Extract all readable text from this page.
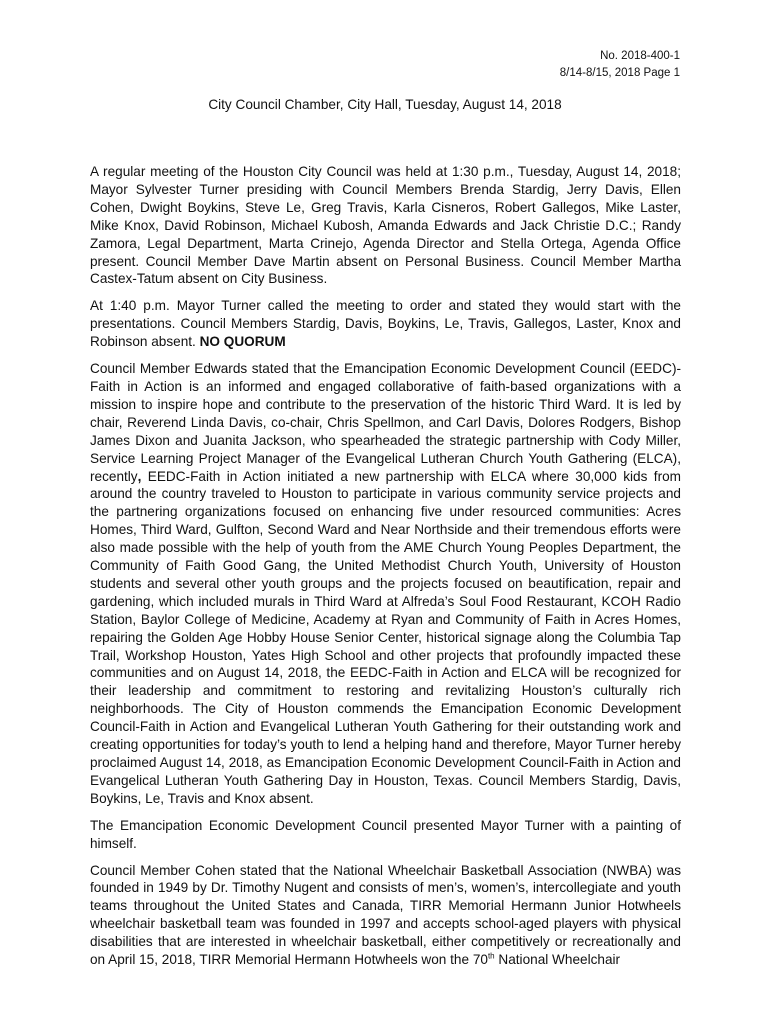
No. 2018-400-1
8/14-8/15, 2018 Page 1
City Council Chamber, City Hall, Tuesday, August 14, 2018

A regular meeting of the Houston City Council was held at 1:30 p.m., Tuesday, August 14, 2018; Mayor Sylvester Turner presiding with Council Members Brenda Stardig, Jerry Davis, Ellen Cohen, Dwight Boykins, Steve Le, Greg Travis, Karla Cisneros, Robert Gallegos, Mike Laster, Mike Knox, David Robinson, Michael Kubosh, Amanda Edwards and Jack Christie D.C.; Randy Zamora, Legal Department, Marta Crinejo, Agenda Director and Stella Ortega, Agenda Office present. Council Member Dave Martin absent on Personal Business. Council Member Martha Castex-Tatum absent on City Business.

At 1:40 p.m. Mayor Turner called the meeting to order and stated they would start with the presentations. Council Members Stardig, Davis, Boykins, Le, Travis, Gallegos, Laster, Knox and Robinson absent. NO QUORUM

Council Member Edwards stated that the Emancipation Economic Development Council (EEDC)-Faith in Action is an informed and engaged collaborative of faith-based organizations with a mission to inspire hope and contribute to the preservation of the historic Third Ward. It is led by chair, Reverend Linda Davis, co-chair, Chris Spellmon, and Carl Davis, Dolores Rodgers, Bishop James Dixon and Juanita Jackson, who spearheaded the strategic partnership with Cody Miller, Service Learning Project Manager of the Evangelical Lutheran Church Youth Gathering (ELCA), recently, EEDC-Faith in Action initiated a new partnership with ELCA where 30,000 kids from around the country traveled to Houston to participate in various community service projects and the partnering organizations focused on enhancing five under resourced communities: Acres Homes, Third Ward, Gulfton, Second Ward and Near Northside and their tremendous efforts were also made possible with the help of youth from the AME Church Young Peoples Department, the Community of Faith Good Gang, the United Methodist Church Youth, University of Houston students and several other youth groups and the projects focused on beautification, repair and gardening, which included murals in Third Ward at Alfreda’s Soul Food Restaurant, KCOH Radio Station, Baylor College of Medicine, Academy at Ryan and Community of Faith in Acres Homes, repairing the Golden Age Hobby House Senior Center, historical signage along the Columbia Tap Trail, Workshop Houston, Yates High School and other projects that profoundly impacted these communities and on August 14, 2018, the EEDC-Faith in Action and ELCA will be recognized for their leadership and commitment to restoring and revitalizing Houston’s culturally rich neighborhoods. The City of Houston commends the Emancipation Economic Development Council-Faith in Action and Evangelical Lutheran Youth Gathering for their outstanding work and creating opportunities for today’s youth to lend a helping hand and therefore, Mayor Turner hereby proclaimed August 14, 2018, as Emancipation Economic Development Council-Faith in Action and Evangelical Lutheran Youth Gathering Day in Houston, Texas. Council Members Stardig, Davis, Boykins, Le, Travis and Knox absent.

The Emancipation Economic Development Council presented Mayor Turner with a painting of himself.

Council Member Cohen stated that the National Wheelchair Basketball Association (NWBA) was founded in 1949 by Dr. Timothy Nugent and consists of men’s, women’s, intercollegiate and youth teams throughout the United States and Canada, TIRR Memorial Hermann Junior Hotwheels wheelchair basketball team was founded in 1997 and accepts school-aged players with physical disabilities that are interested in wheelchair basketball, either competitively or recreationally and on April 15, 2018, TIRR Memorial Hermann Hotwheels won the 70th National Wheelchair
